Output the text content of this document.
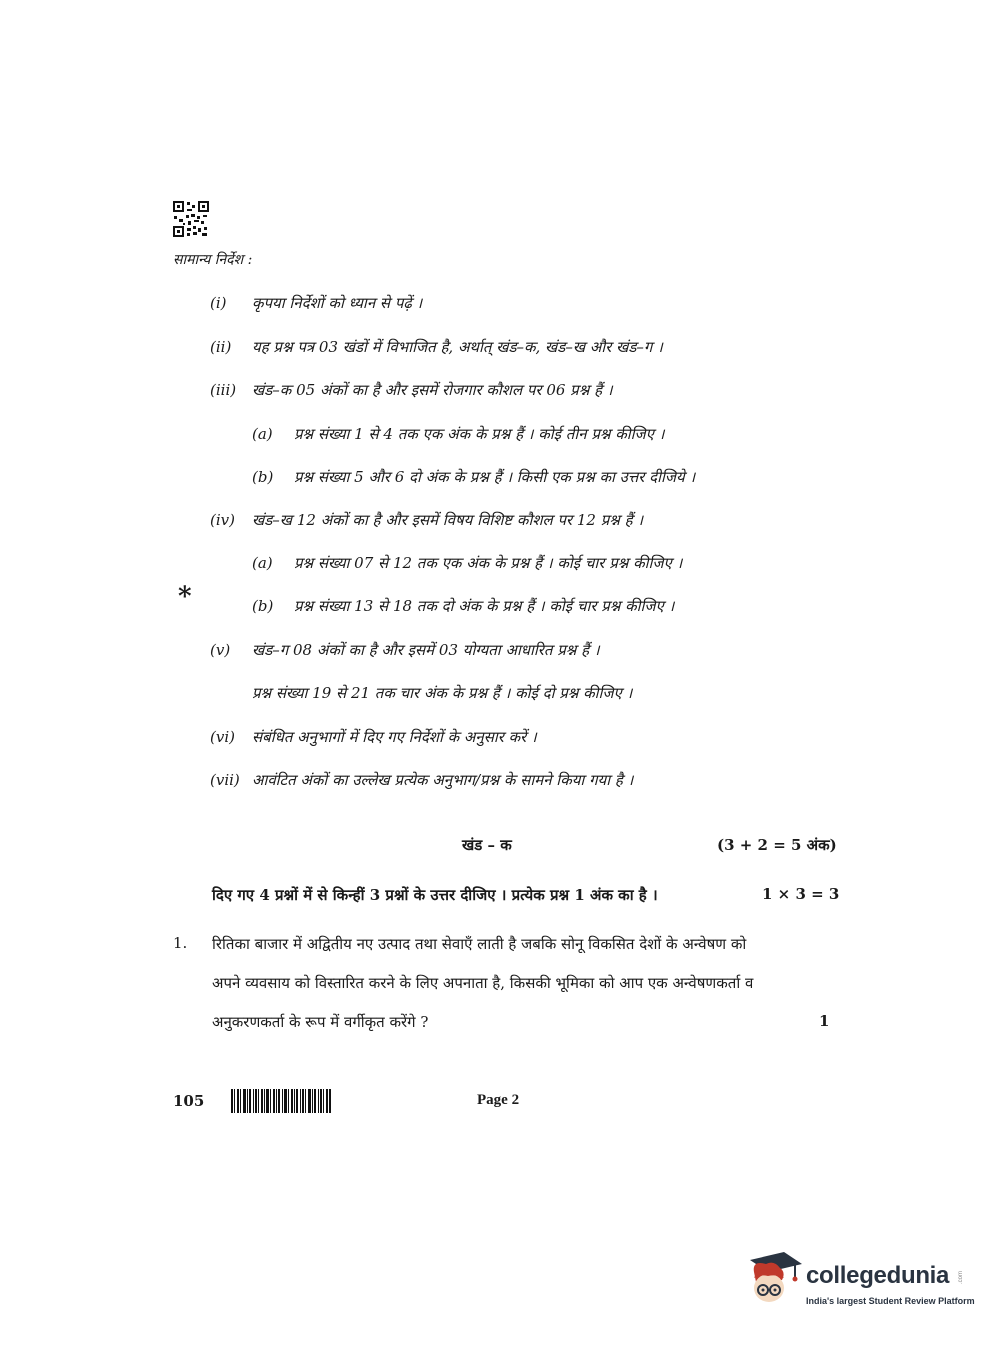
सामान्य निर्देश :
(i) कृपया निर्देशों को ध्यान से पढ़ें ।
(ii) यह प्रश्न पत्र 03 खंडों में विभाजित है, अर्थात् खंड–क, खंड–ख और खंड–ग ।
(iii) खंड–क 05 अंकों का है और इसमें रोजगार कौशल पर 06 प्रश्न हैं ।
(a) प्रश्न संख्या 1 से 4 तक एक अंक के प्रश्न हैं । कोई तीन प्रश्न कीजिए ।
(b) प्रश्न संख्या 5 और 6 दो अंक के प्रश्न हैं । किसी एक प्रश्न का उत्तर दीजिये ।
(iv) खंड–ख 12 अंकों का है और इसमें विषय विशिष्ट कौशल पर 12 प्रश्न हैं ।
(a) प्रश्न संख्या 07 से 12 तक एक अंक के प्रश्न हैं । कोई चार प्रश्न कीजिए ।
(b) प्रश्न संख्या 13 से 18 तक दो अंक के प्रश्न हैं । कोई चार प्रश्न कीजिए ।
(v) खंड–ग 08 अंकों का है और इसमें 03 योग्यता आधारित प्रश्न हैं ।
प्रश्न संख्या 19 से 21 तक चार अंक के प्रश्न हैं । कोई दो प्रश्न कीजिए ।
(vi) संबंधित अनुभागों में दिए गए निर्देशों के अनुसार करें ।
(vii) आवंटित अंकों का उल्लेख प्रत्येक अनुभाग/प्रश्न के सामने किया गया है ।
*
खंड – क	(3 + 2 = 5 अंक)
दिए गए 4 प्रश्नों में से किन्हीं 3 प्रश्नों के उत्तर दीजिए । प्रत्येक प्रश्न 1 अंक का है ।	1 × 3 = 3
1. रितिका बाजार में अद्वितीय नए उत्पाद तथा सेवाएँ लाती है जबकि सोनू विकसित देशों के अन्वेषण को
अपने व्यवसाय को विस्तारित करने के लिए अपनाता है, किसकी भूमिका को आप एक अन्वेषणकर्ता व
अनुकरणकर्ता के रूप में वर्गीकृत करेंगे ?	1
105	Page 2
collegedunia .com
India's largest Student Review Platform
